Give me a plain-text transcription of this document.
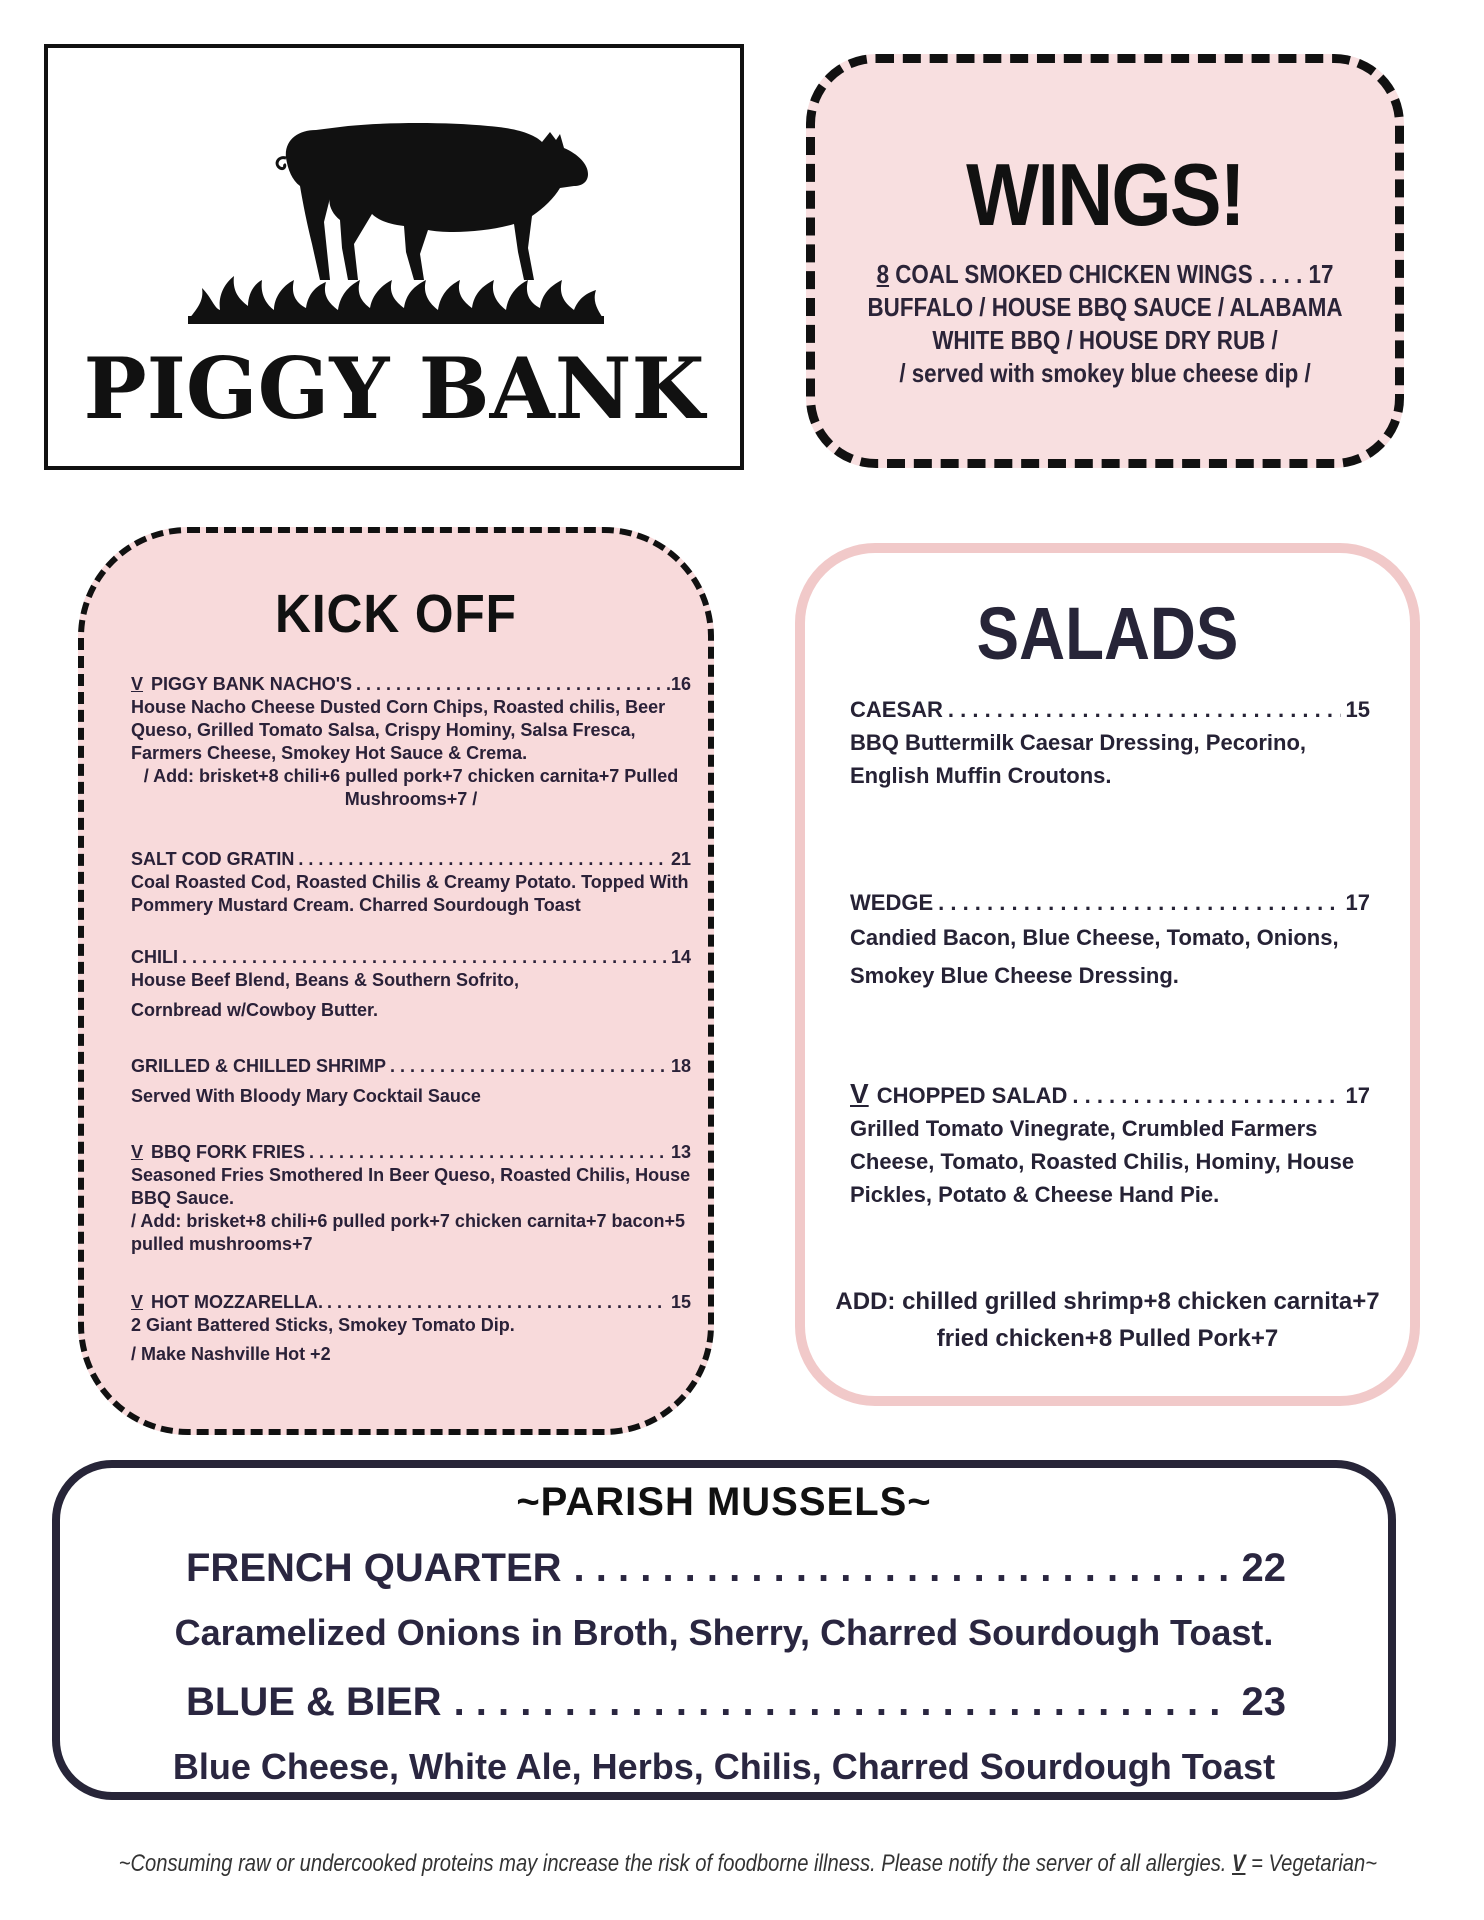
PIGGY BANK
WINGS!
8 COAL SMOKED CHICKEN WINGS . . . . 17
BUFFALO / HOUSE BBQ SAUCE / ALABAMA
WHITE BBQ / HOUSE DRY RUB /
/ served with smokey blue cheese dip /
KICK OFF
V PIGGY BANK NACHO'S . . .	.16

House Nacho Cheese Dusted Corn Chips, Roasted chilis, Beer Queso, Grilled Tomato Salsa, Crispy Hominy, Salsa Fresca, Farmers Cheese, Smokey Hot Sauce & Crema.

/ Add: brisket+8 chili+6 pulled pork+7 chicken carnita+7 Pulled Mushrooms+7 /

SALT COD GRATIN . . .	21

Coal Roasted Cod, Roasted Chilis & Creamy Potato. Topped With Pommery Mustard Cream. Charred Sourdough Toast

CHILI . . .	14

House Beef Blend, Beans & Southern Sofrito,

Cornbread w/Cowboy Butter.

GRILLED & CHILLED SHRIMP . . .	18

Served With Bloody Mary Cocktail Sauce

V BBQ FORK FRIES . . .	13

Seasoned Fries Smothered In Beer Queso, Roasted Chilis, House BBQ Sauce.

/ Add: brisket+8 chili+6 pulled pork+7 chicken carnita+7 bacon+5 pulled mushrooms+7

V HOT MOZZARELLA. . . .	15

2 Giant Battered Sticks, Smokey Tomato Dip.

/ Make Nashville Hot +2

SALADS
CAESAR . . .	15

BBQ Buttermilk Caesar Dressing, Pecorino, English Muffin Croutons.

WEDGE . . .	17

Candied Bacon, Blue Cheese, Tomato, Onions, Smokey Blue Cheese Dressing.

V CHOPPED SALAD . . .	17

Grilled Tomato Vinegrate, Crumbled Farmers Cheese, Tomato, Roasted Chilis, Hominy, House Pickles, Potato & Cheese Hand Pie.

ADD: chilled grilled shrimp+8 chicken carnita+7
fried chicken+8 Pulled Pork+7
~PARISH MUSSELS~
FRENCH QUARTER . . .	22
Caramelized Onions in Broth, Sherry, Charred Sourdough Toast.
BLUE & BIER . . .	23
Blue Cheese, White Ale, Herbs, Chilis, Charred Sourdough Toast
~Consuming raw or undercooked proteins may increase the risk of foodborne illness. Please notify the server of all allergies. V = Vegetarian~
